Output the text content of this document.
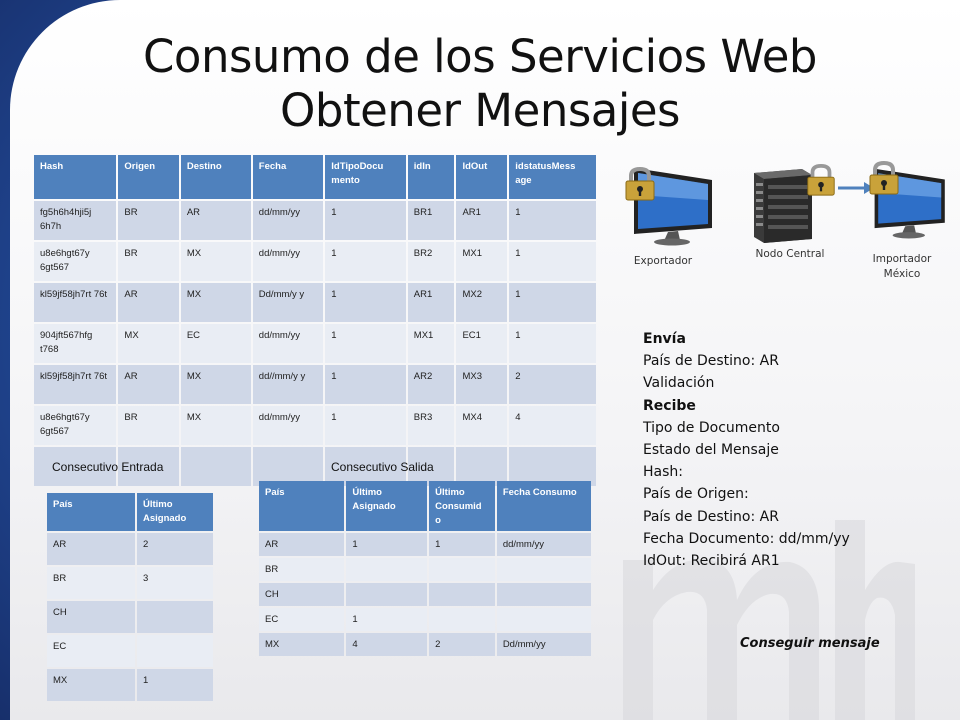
Consumo de los Servicios Web Obtener Mensajes
Hash	Origen	Destino	Fecha	IdTipoDocu mento	idIn	IdOut	idstatusMess age
fg5h6h4hji5j 6h7h	BR	AR	dd/mm/yy	1	BR1	AR1	1
u8e6hgt67y 6gt567	BR	MX	dd/mm/yy	1	BR2	MX1	1
kl59jf58jh7rt 76t	AR	MX	Dd/mm/y y	1	AR1	MX2	1
904jft567hfg t768	MX	EC	dd/mm/yy	1	MX1	EC1	1
kl59jf58jh7rt 76t	AR	MX	dd//mm/y y	1	AR2	MX3	2
u8e6hgt67y 6gt567	BR	MX	dd/mm/yy	1	BR3	MX4	4

Consecutivo Entrada	Consecutivo Salida
País	Último Asignado
AR	2
BR	3
CH	
EC	
MX	1
País	Último Asignado	Último Consumid o	Fecha Consumo
AR	1	1	dd/mm/yy
BR			
CH			
EC	1		
MX	4	2	Dd/mm/yy
Exportador
Nodo Central	Importador México
Envía
País de Destino: AR
Validación
Recibe
Tipo de Documento
Estado del Mensaje
Hash:
País de Origen:
País de Destino: AR
Fecha Documento: dd/mm/yy
IdOut: Recibirá AR1
Conseguir mensaje
